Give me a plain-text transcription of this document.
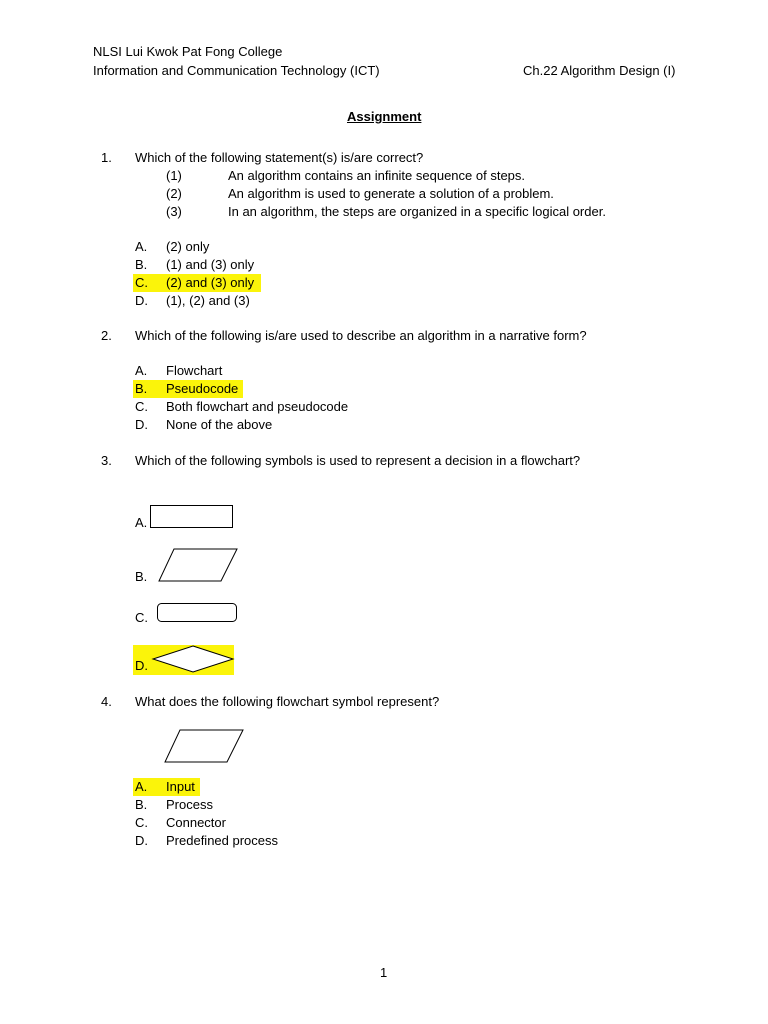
NLSI Lui Kwok Pat Fong College
Information and Communication Technology (ICT)	Ch.22 Algorithm Design (I)
Assignment
1. Which of the following statement(s) is/are correct?
(1)	An algorithm contains an infinite sequence of steps.
(2)	An algorithm is used to generate a solution of a problem.
(3)	In an algorithm, the steps are organized in a specific logical order.
A. (2) only
B. (1) and (3) only
C. (2) and (3) only
D. (1), (2) and (3)
2. Which of the following is/are used to describe an algorithm in a narrative form?
A. Flowchart
B. Pseudocode
C. Both flowchart and pseudocode
D. None of the above
3. Which of the following symbols is used to represent a decision in a flowchart?
A.
B.
C.
D.
4. What does the following flowchart symbol represent?
A. Input
B. Process
C. Connector
D. Predefined process
1
